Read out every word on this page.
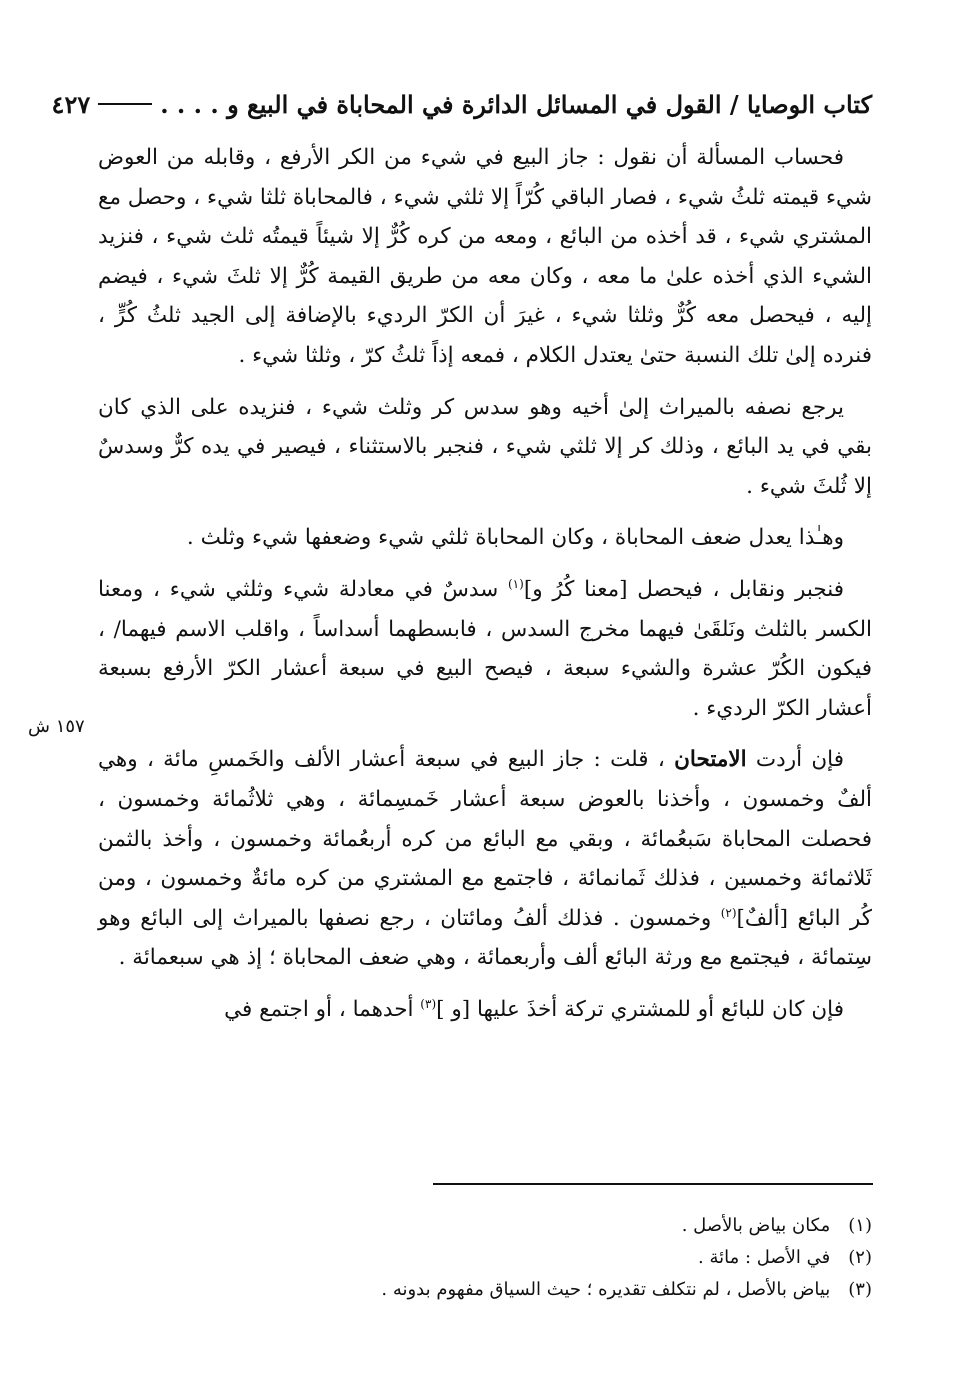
كتاب الوصايا / القول في المسائل الدائرة في المحاباة في البيع و . . . .
٤٢٧
١٥٧ ش

فحساب المسألة أن نقول : جاز البيع في شيء من الكر الأرفع ، وقابله من العوض شيء قيمته ثلثُ شيء ، فصار الباقي كُرّاً إلا ثلثي شيء ، فالمحاباة ثلثا شيء ، وحصل مع المشتري شيء ، قد أخذه من البائع ، ومعه من كره كُرٌّ إلا شيئاً قيمتُه ثلث شيء ، فنزيد الشيء الذي أخذه علىٰ ما معه ، وكان معه من طريق القيمة كُرٌّ إلا ثلثَ شيء ، فيضم إليه ، فيحصل معه كُرٌّ وثلثا شيء ، غيرَ أن الكرّ الرديء بالإضافة إلى الجيد ثلثُ كُرٍّ ، فنرده إلىٰ تلك النسبة حتىٰ يعتدل الكلام ، فمعه إذاً ثلثُ كرّ ، وثلثا شيء .

يرجع نصفه بالميراث إلىٰ أخيه وهو سدس كر وثلث شيء ، فنزيده على الذي كان بقي في يد البائع ، وذلك كر إلا ثلثي شيء ، فنجبر بالاستثناء ، فيصير في يده كرٌّ وسدسٌ إلا ثُلثَ شيء .

وهـٰذا يعدل ضعف المحاباة ، وكان المحاباة ثلثي شيء وضعفها شيء وثلث .

فنجبر ونقابل ، فيحصل [معنا كُرُ و]$^{(١)}$ سدسٌ في معادلة شيء وثلثي شيء ، ومعنا الكسر بالثلث ونَلقَىٰ فيهما مخرج السدس ، فابسطهما أسداساً ، واقلب الاسم فيهما/ ، فيكون الكُرّ عشرة والشيء سبعة ، فيصح البيع في سبعة أعشار الكرّ الأرفع بسبعة أعشار الكرّ الرديء .

فإن أردت الامتحان ، قلت : جاز البيع في سبعة أعشار الألف والخَمسِ مائة ، وهي ألفٌ وخمسون ، وأخذنا بالعوض سبعة أعشار خَمسِمائة ، وهي ثلاثُمائة وخمسون ، فحصلت المحاباة سَبعُمائة ، وبقي مع البائع من كره أربعُمائة وخمسون ، وأخذ بالثمن ثَلاثمائة وخمسين ، فذلك ثَمانمائة ، فاجتمع مع المشتري من كره مائةٌ وخمسون ، ومن كُر البائع [ألفٌ]$^{(٢)}$ وخمسون . فذلك ألفُ ومائتان ، رجع نصفها بالميراث إلى البائع وهو سِتمائة ، فيجتمع مع ورثة البائع ألف وأربعمائة ، وهي ضعف المحاباة ؛ إذ هي سبعمائة .

فإن كان للبائع أو للمشتري تركة أخذَ عليها [و ]$^{(٣)}$ أحدهما ، أو اجتمع في

(١)
مكان بياض بالأصل .
(٢)
في الأصل : مائة .
(٣)
بياض بالأصل ، لم نتكلف تقديره ؛ حيث السياق مفهوم بدونه .
